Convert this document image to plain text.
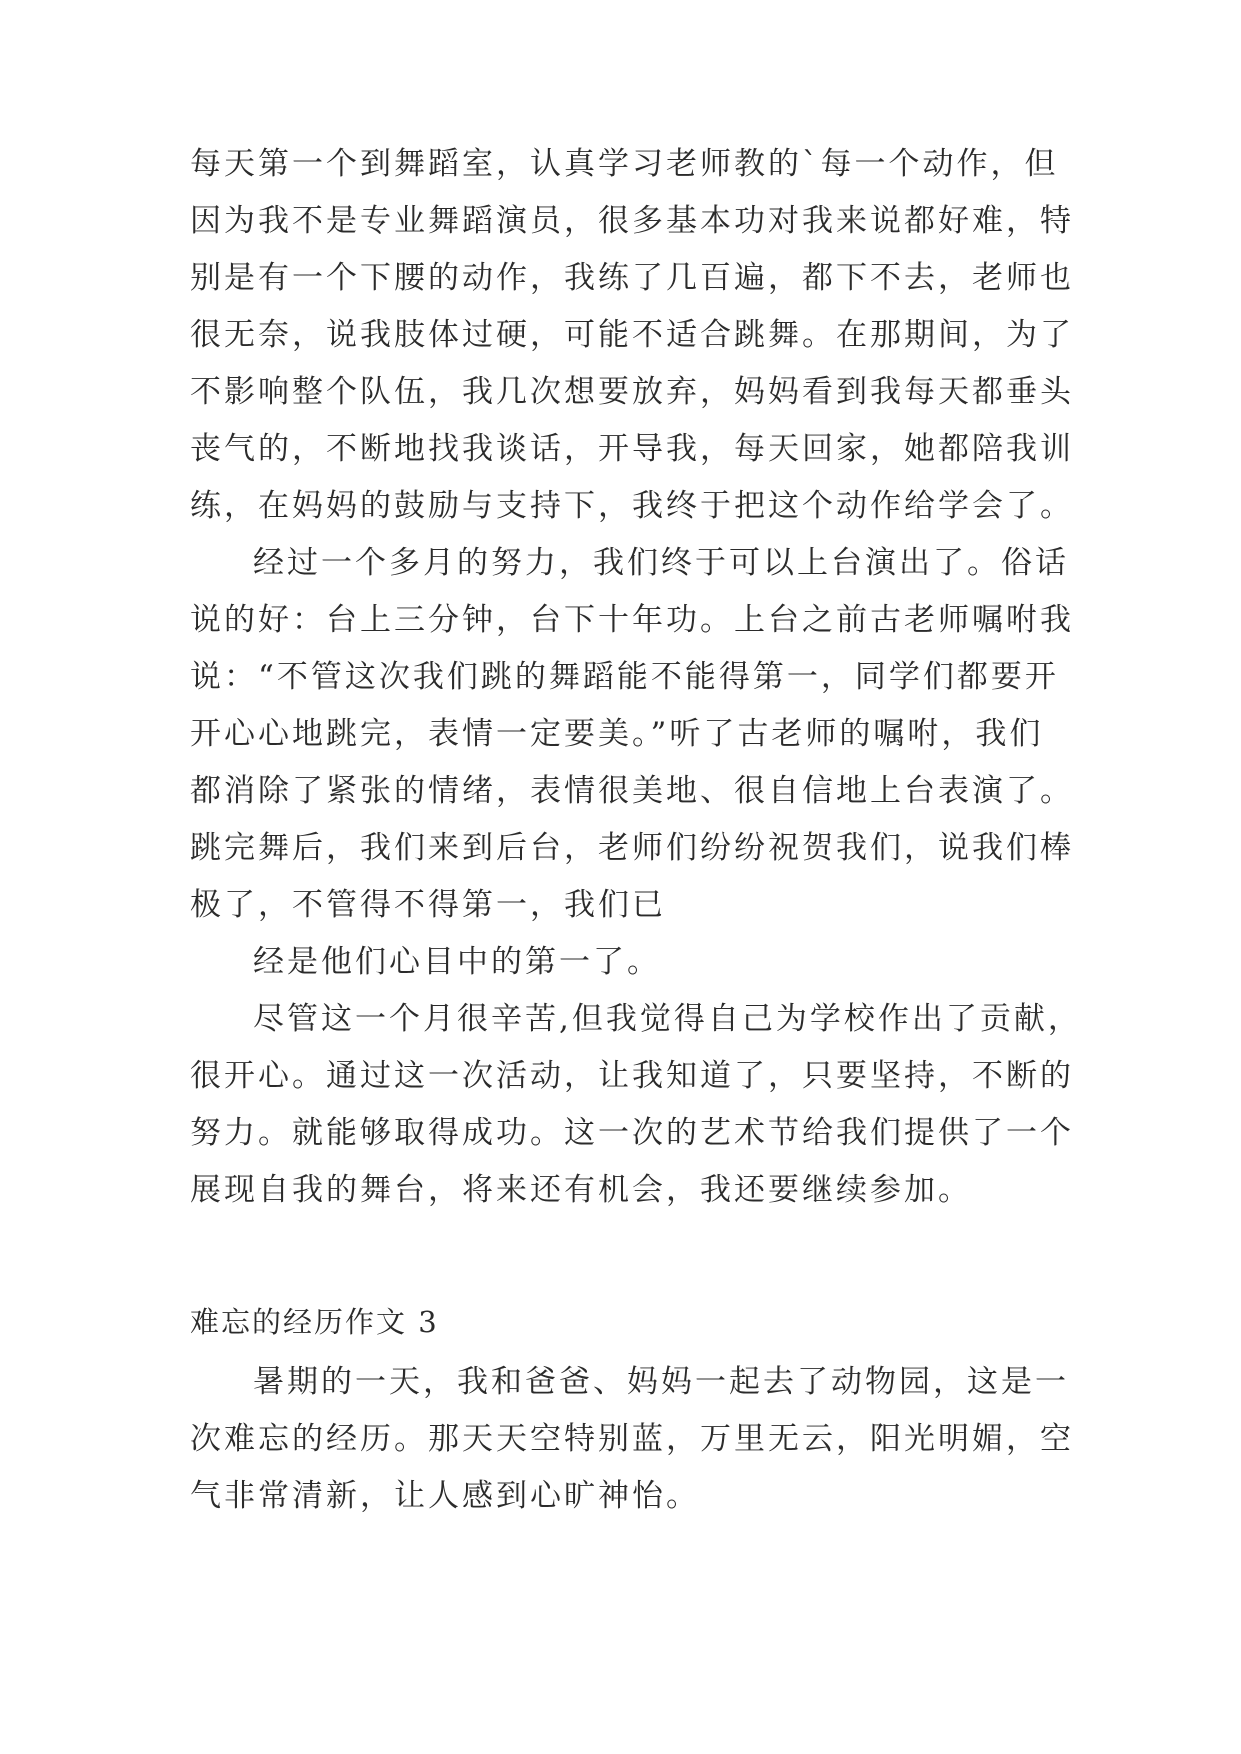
每天第一个到舞蹈室，认真学习老师教的`每一个动作，但
因为我不是专业舞蹈演员，很多基本功对我来说都好难，特
别是有一个下腰的动作，我练了几百遍，都下不去，老师也
很无奈，说我肢体过硬，可能不适合跳舞。在那期间，为了
不影响整个队伍，我几次想要放弃，妈妈看到我每天都垂头
丧气的，不断地找我谈话，开导我，每天回家，她都陪我训
练，在妈妈的鼓励与支持下，我终于把这个动作给学会了。
经过一个多月的努力，我们终于可以上台演出了。俗话
说的好：台上三分钟，台下十年功。上台之前古老师嘱咐我
说：“不管这次我们跳的舞蹈能不能得第一，同学们都要开
开心心地跳完，表情一定要美。”听了古老师的嘱咐，我们
都消除了紧张的情绪，表情很美地、很自信地上台表演了。
跳完舞后，我们来到后台，老师们纷纷祝贺我们，说我们棒
极了，不管得不得第一，我们已
经是他们心目中的第一了。
尽管这一个月很辛苦,但我觉得自己为学校作出了贡献，
很开心。通过这一次活动，让我知道了，只要坚持，不断的
努力。就能够取得成功。这一次的艺术节给我们提供了一个
展现自我的舞台，将来还有机会，我还要继续参加。
难忘的经历作文 3
暑期的一天，我和爸爸、妈妈一起去了动物园，这是一
次难忘的经历。那天天空特别蓝，万里无云，阳光明媚，空
气非常清新，让人感到心旷神怡。
